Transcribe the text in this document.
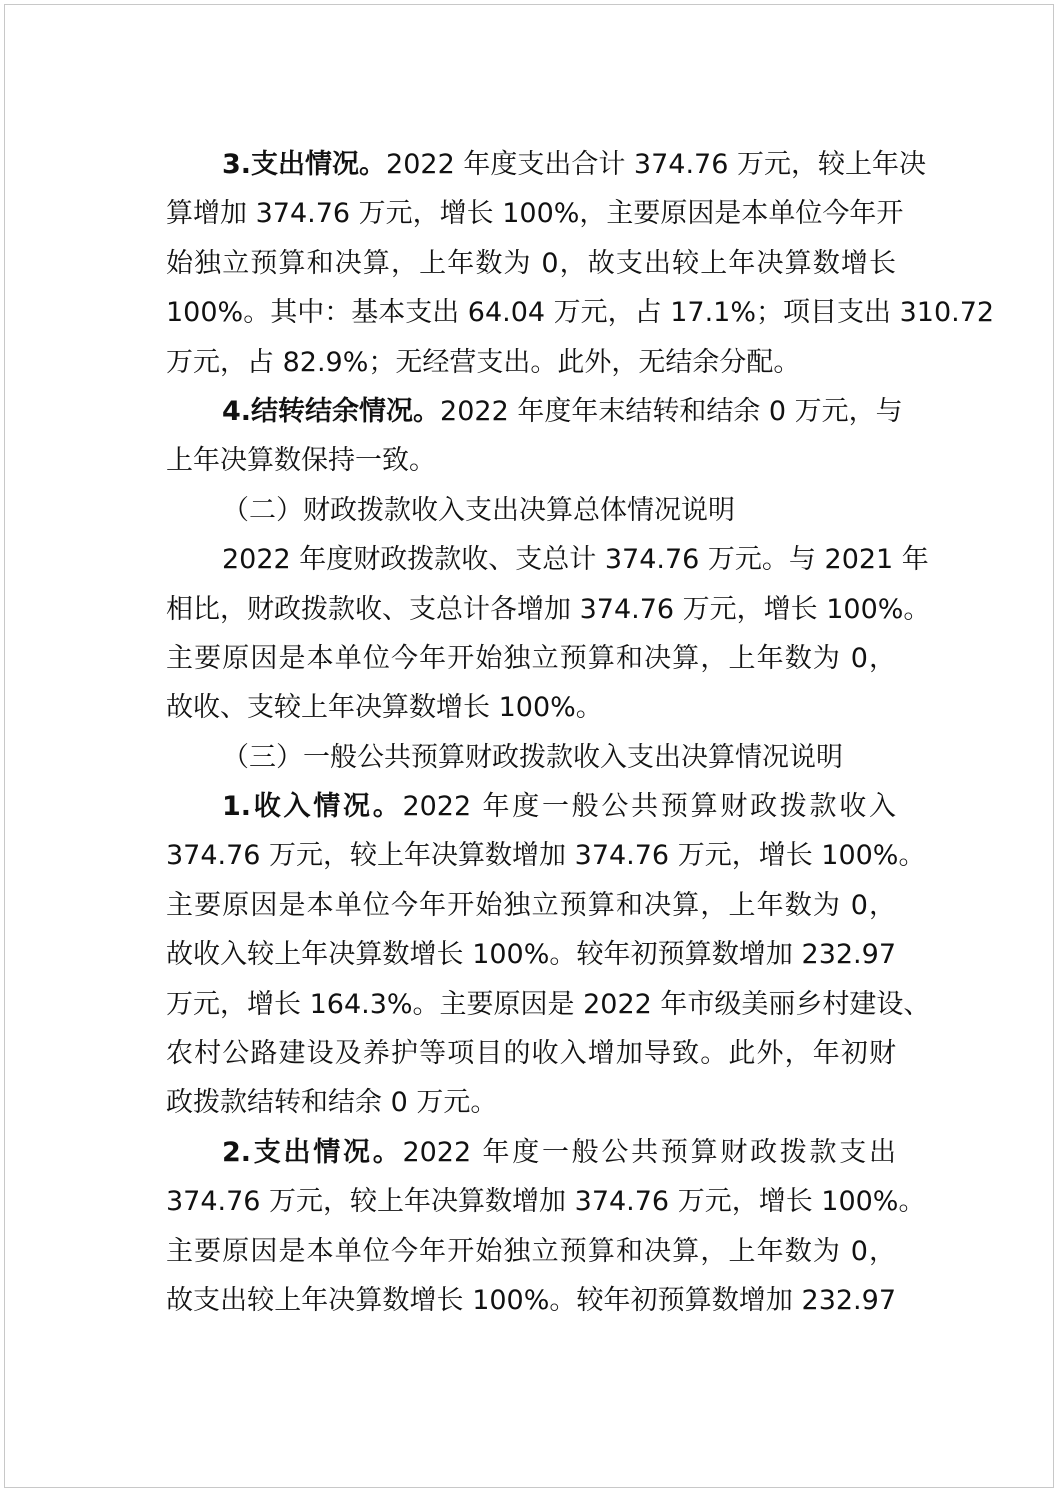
3.支出情况。2022 年度支出合计 374.76 万元，较上年决
算增加 374.76 万元，增长 100%，主要原因是本单位今年开
始独立预算和决算，上年数为 0，故支出较上年决算数增长
100%。其中：基本支出 64.04 万元，占 17.1%；项目支出 310.72
万元，占 82.9%；无经营支出。此外，无结余分配。
4.结转结余情况。2022 年度年末结转和结余 0 万元，与
上年决算数保持一致。
（二）财政拨款收入支出决算总体情况说明
2022 年度财政拨款收、支总计 374.76 万元。与 2021 年
相比，财政拨款收、支总计各增加 374.76 万元，增长 100%。
主要原因是本单位今年开始独立预算和决算，上年数为 0，
故收、支较上年决算数增长 100%。
（三）一般公共预算财政拨款收入支出决算情况说明
1.收入情况。2022 年度一般公共预算财政拨款收入
374.76 万元，较上年决算数增加 374.76 万元，增长 100%。
主要原因是本单位今年开始独立预算和决算，上年数为 0，
故收入较上年决算数增长 100%。较年初预算数增加 232.97
万元，增长 164.3%。主要原因是 2022 年市级美丽乡村建设、
农村公路建设及养护等项目的收入增加导致。此外，年初财
政拨款结转和结余 0 万元。
2.支出情况。2022 年度一般公共预算财政拨款支出
374.76 万元，较上年决算数增加 374.76 万元，增长 100%。
主要原因是本单位今年开始独立预算和决算，上年数为 0，
故支出较上年决算数增长 100%。较年初预算数增加 232.97
